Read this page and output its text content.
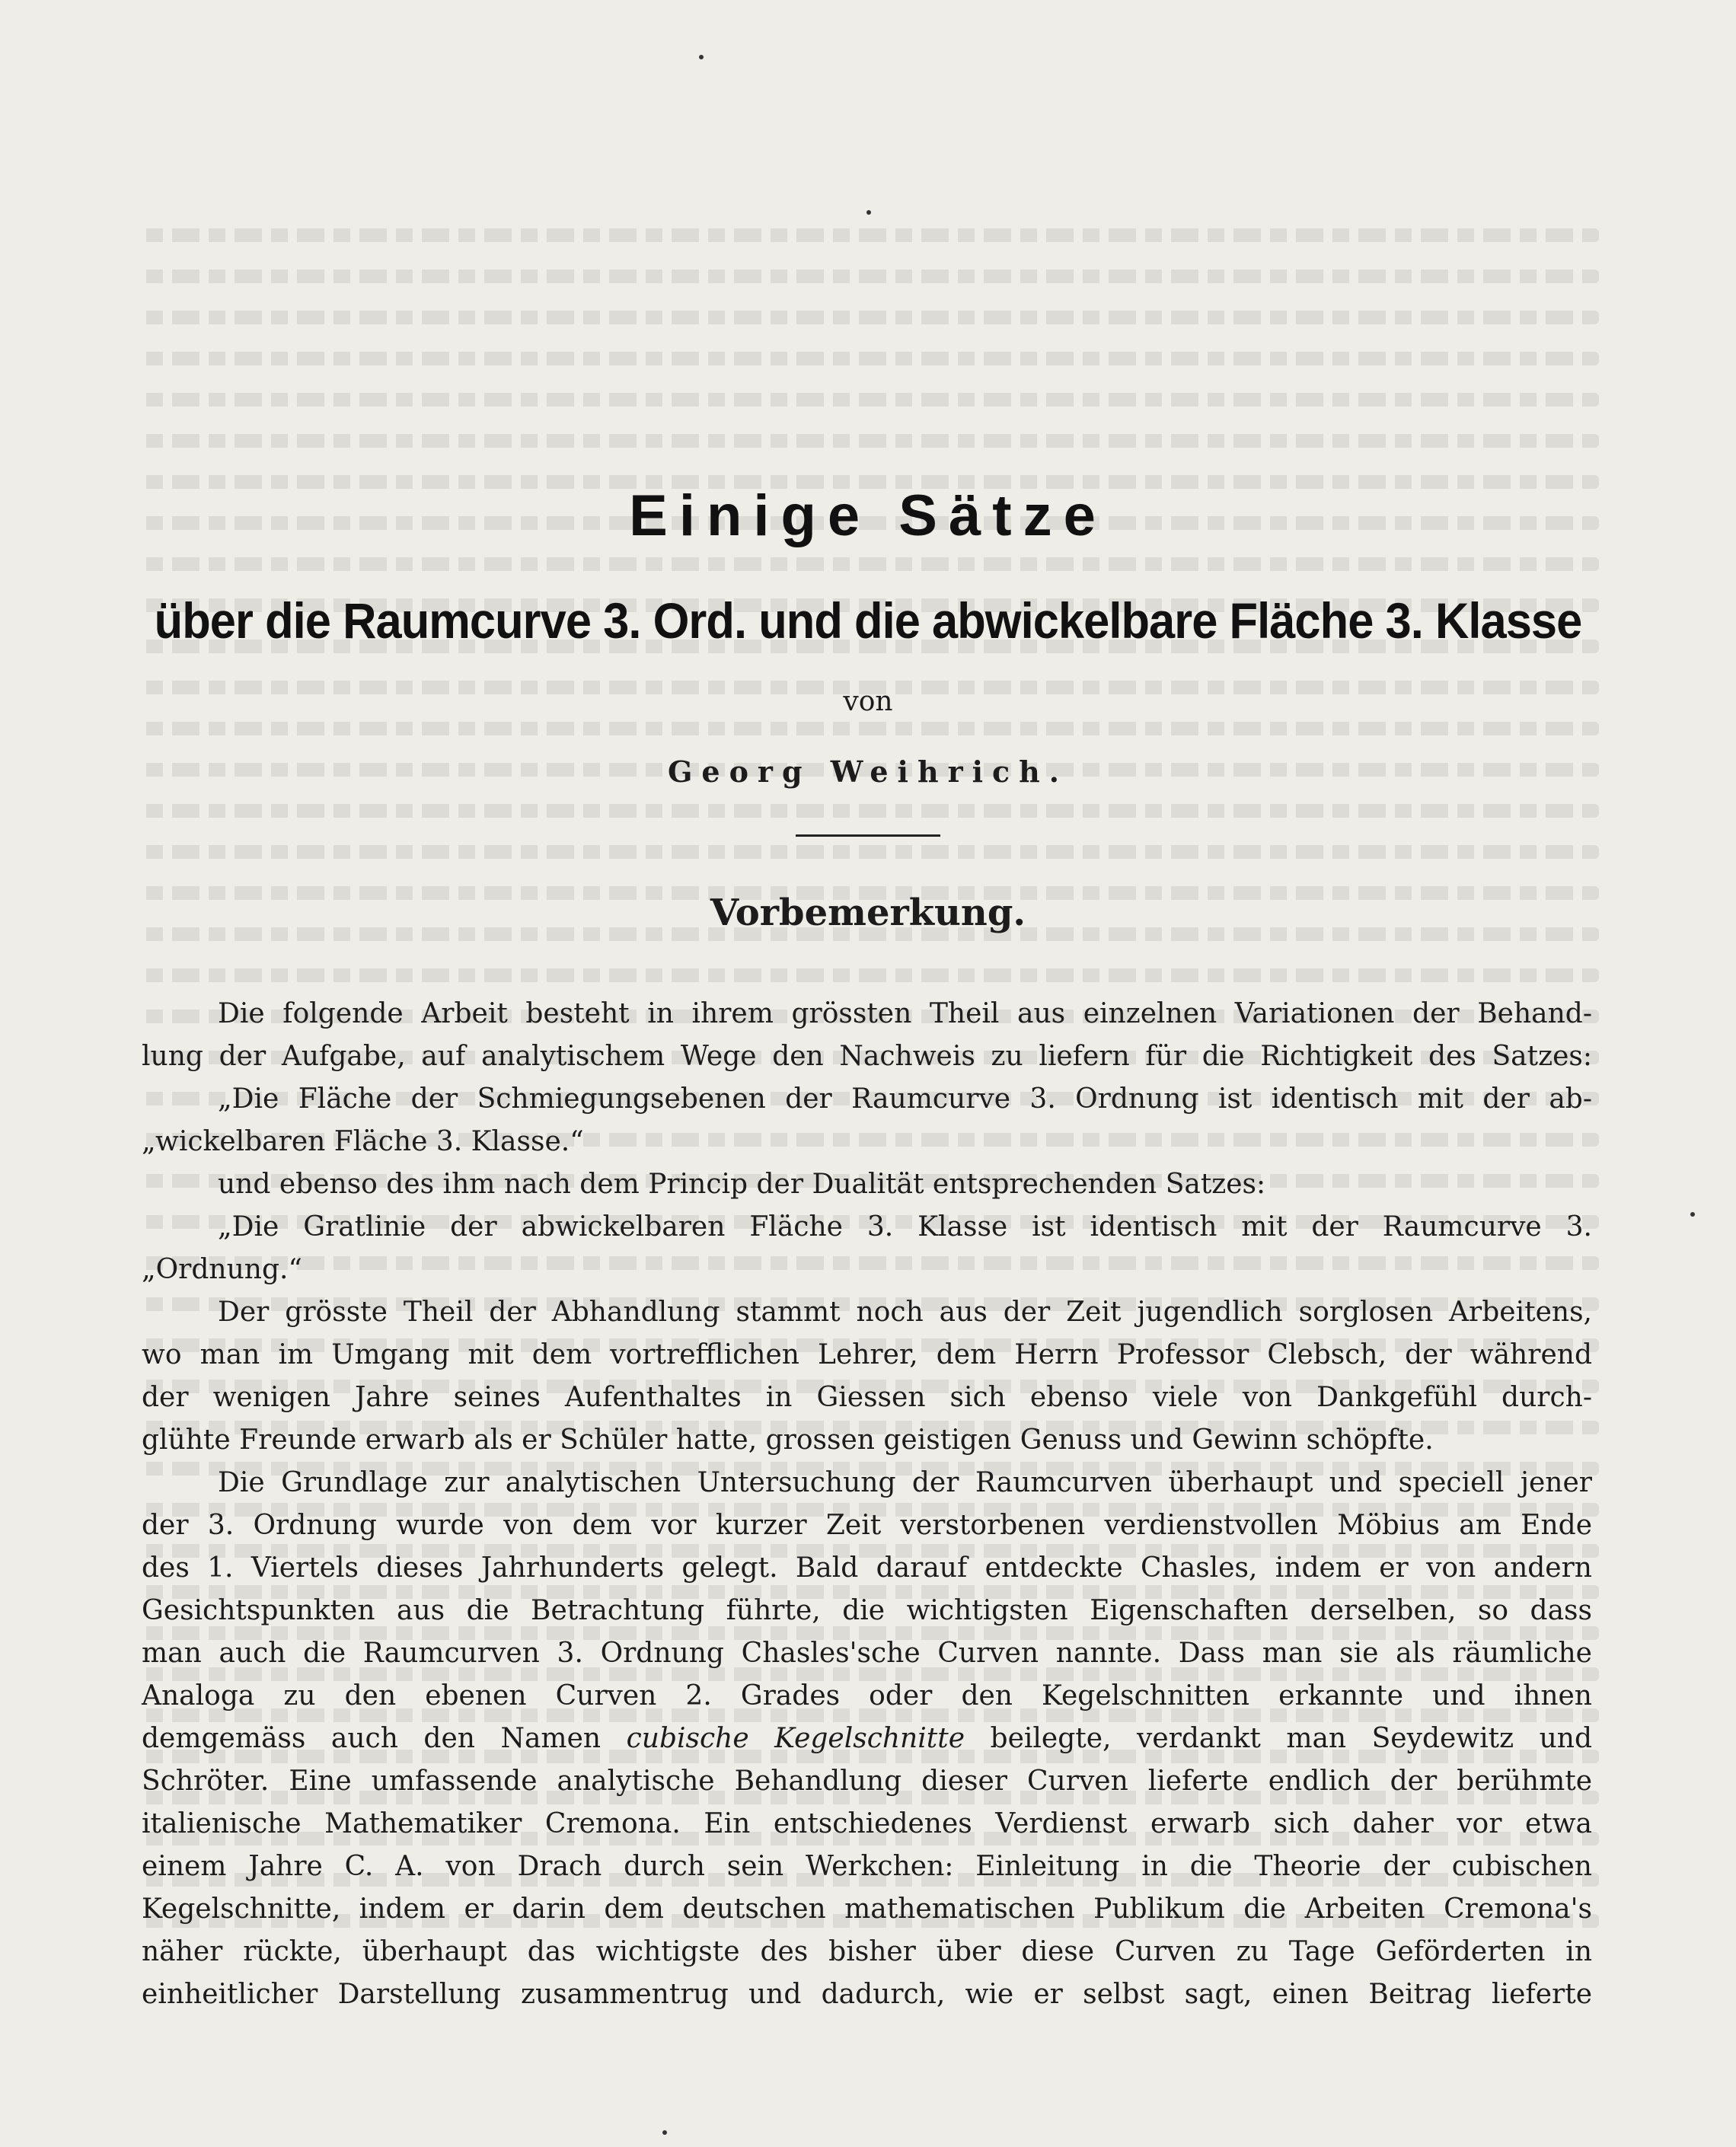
Einige Sätze
über die Raumcurve 3. Ord. und die abwickelbare Fläche 3. Klasse
von
Georg Weihrich.
Vorbemerkung.

Die folgende Arbeit besteht in ihrem grössten Theil aus einzelnen Variationen der Behand-

lung der Aufgabe, auf analytischem Wege den Nachweis zu liefern für die Richtigkeit des Satzes:

„Die Fläche der Schmiegungsebenen der Raumcurve 3. Ordnung ist identisch mit der ab-

„wickelbaren Fläche 3. Klasse.“

und ebenso des ihm nach dem Princip der Dualität entsprechenden Satzes:

„Die Gratlinie der abwickelbaren Fläche 3. Klasse ist identisch mit der Raumcurve 3.

„Ordnung.“

Der grösste Theil der Abhandlung stammt noch aus der Zeit jugendlich sorglosen Arbeitens,

wo man im Umgang mit dem vortrefflichen Lehrer, dem Herrn Professor Clebsch, der während

der wenigen Jahre seines Aufenthaltes in Giessen sich ebenso viele von Dankgefühl durch-

glühte Freunde erwarb als er Schüler hatte, grossen geistigen Genuss und Gewinn schöpfte.

Die Grundlage zur analytischen Untersuchung der Raumcurven überhaupt und speciell jener

der 3. Ordnung wurde von dem vor kurzer Zeit verstorbenen verdienstvollen Möbius am Ende

des 1. Viertels dieses Jahrhunderts gelegt. Bald darauf entdeckte Chasles, indem er von andern

Gesichtspunkten aus die Betrachtung führte, die wichtigsten Eigenschaften derselben, so dass

man auch die Raumcurven 3. Ordnung Chasles'sche Curven nannte. Dass man sie als räumliche

Analoga zu den ebenen Curven 2. Grades oder den Kegelschnitten erkannte und ihnen

demgemäss auch den Namen cubische Kegelschnitte beilegte, verdankt man Seydewitz und

Schröter. Eine umfassende analytische Behandlung dieser Curven lieferte endlich der berühmte

italienische Mathematiker Cremona. Ein entschiedenes Verdienst erwarb sich daher vor etwa

einem Jahre C. A. von Drach durch sein Werkchen: Einleitung in die Theorie der cubischen

Kegelschnitte, indem er darin dem deutschen mathematischen Publikum die Arbeiten Cremona's

näher rückte, überhaupt das wichtigste des bisher über diese Curven zu Tage Geförderten in

einheitlicher Darstellung zusammentrug und dadurch, wie er selbst sagt, einen Beitrag lieferte
